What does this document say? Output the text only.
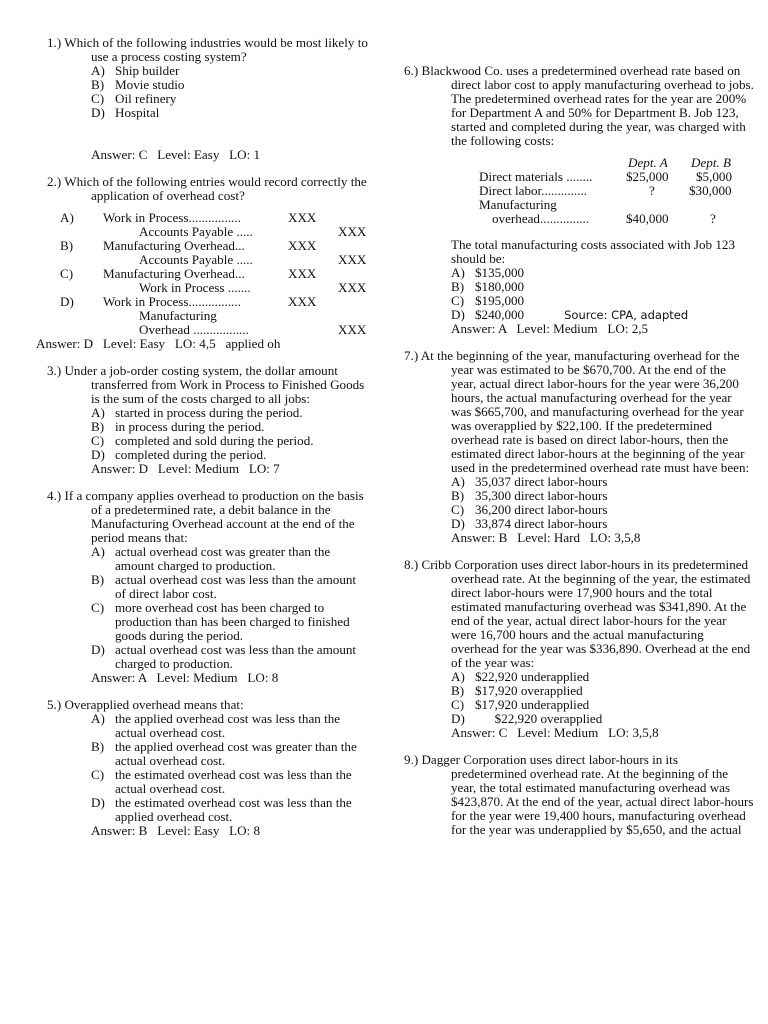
1.) Which of the following industries would be most likely to use a process costing system?
A) Ship builder
B) Movie studio
C) Oil refinery
D) Hospital
Answer: C   Level: Easy   LO: 1
2.) Which of the following entries would record correctly the application of overhead cost?
A) Work in Process................	XXX
Accounts Payable .....	XXX
B) Manufacturing Overhead...	XXX
Accounts Payable .....	XXX
C) Manufacturing Overhead...	XXX
Work in Process .......	XXX
D) Work in Process................	XXX
Manufacturing
Overhead .................	XXX
Answer: D   Level: Easy   LO: 4,5   applied oh
3.) Under a job-order costing system, the dollar amount transferred from Work in Process to Finished Goods is the sum of the costs charged to all jobs:
A) started in process during the period.
B) in process during the period.
C) completed and sold during the period.
D) completed during the period.
Answer: D   Level: Medium   LO: 7
4.) If a company applies overhead to production on the basis of a predetermined rate, a debit balance in the Manufacturing Overhead account at the end of the period means that:
A) actual overhead cost was greater than the amount charged to production.
B) actual overhead cost was less than the amount of direct labor cost.
C) more overhead cost has been charged to production than has been charged to finished goods during the period.
D) actual overhead cost was less than the amount charged to production.
Answer: A   Level: Medium   LO: 8
5.) Overapplied overhead means that:
A) the applied overhead cost was less than the actual overhead cost.
B) the applied overhead cost was greater than the actual overhead cost.
C) the estimated overhead cost was less than the actual overhead cost.
D) the estimated overhead cost was less than the applied overhead cost.
Answer: B   Level: Easy   LO: 8
6.) Blackwood Co. uses a predetermined overhead rate based on direct labor cost to apply manufacturing overhead to jobs. The predetermined overhead rates for the year are 200% for Department A and 50% for Department B. Job 123, started and completed during the year, was charged with the following costs:
Dept. A Dept. B
Direct materials ........	$25,000 $5,000
Direct labor..............	?	$30,000
Manufacturing
overhead...............	$40,000	?
The total manufacturing costs associated with Job 123 should be:
A) $135,000
B) $180,000
C) $195,000
D) $240,000	Source: CPA, adapted
Answer: A   Level: Medium   LO: 2,5
7.) At the beginning of the year, manufacturing overhead for the year was estimated to be $670,700. At the end of the year, actual direct labor-hours for the year were 36,200 hours, the actual manufacturing overhead for the year was $665,700, and manufacturing overhead for the year was overapplied by $22,100. If the predetermined overhead rate is based on direct labor-hours, then the estimated direct labor-hours at the beginning of the year used in the predetermined overhead rate must have been:
A) 35,037 direct labor-hours
B) 35,300 direct labor-hours
C) 36,200 direct labor-hours
D) 33,874 direct labor-hours
Answer: B   Level: Hard   LO: 3,5,8
8.) Cribb Corporation uses direct labor-hours in its predetermined overhead rate. At the beginning of the year, the estimated direct labor-hours were 17,900 hours and the total estimated manufacturing overhead was $341,890. At the end of the year, actual direct labor-hours for the year were 16,700 hours and the actual manufacturing overhead for the year was $336,890. Overhead at the end of the year was:
A) $22,920 underapplied
B) $17,920 overapplied
C) $17,920 underapplied
D) $22,920 overapplied
Answer: C   Level: Medium   LO: 3,5,8
9.) Dagger Corporation uses direct labor-hours in its predetermined overhead rate. At the beginning of the year, the total estimated manufacturing overhead was $423,870. At the end of the year, actual direct labor-hours for the year were 19,400 hours, manufacturing overhead for the year was underapplied by $5,650, and the actual
